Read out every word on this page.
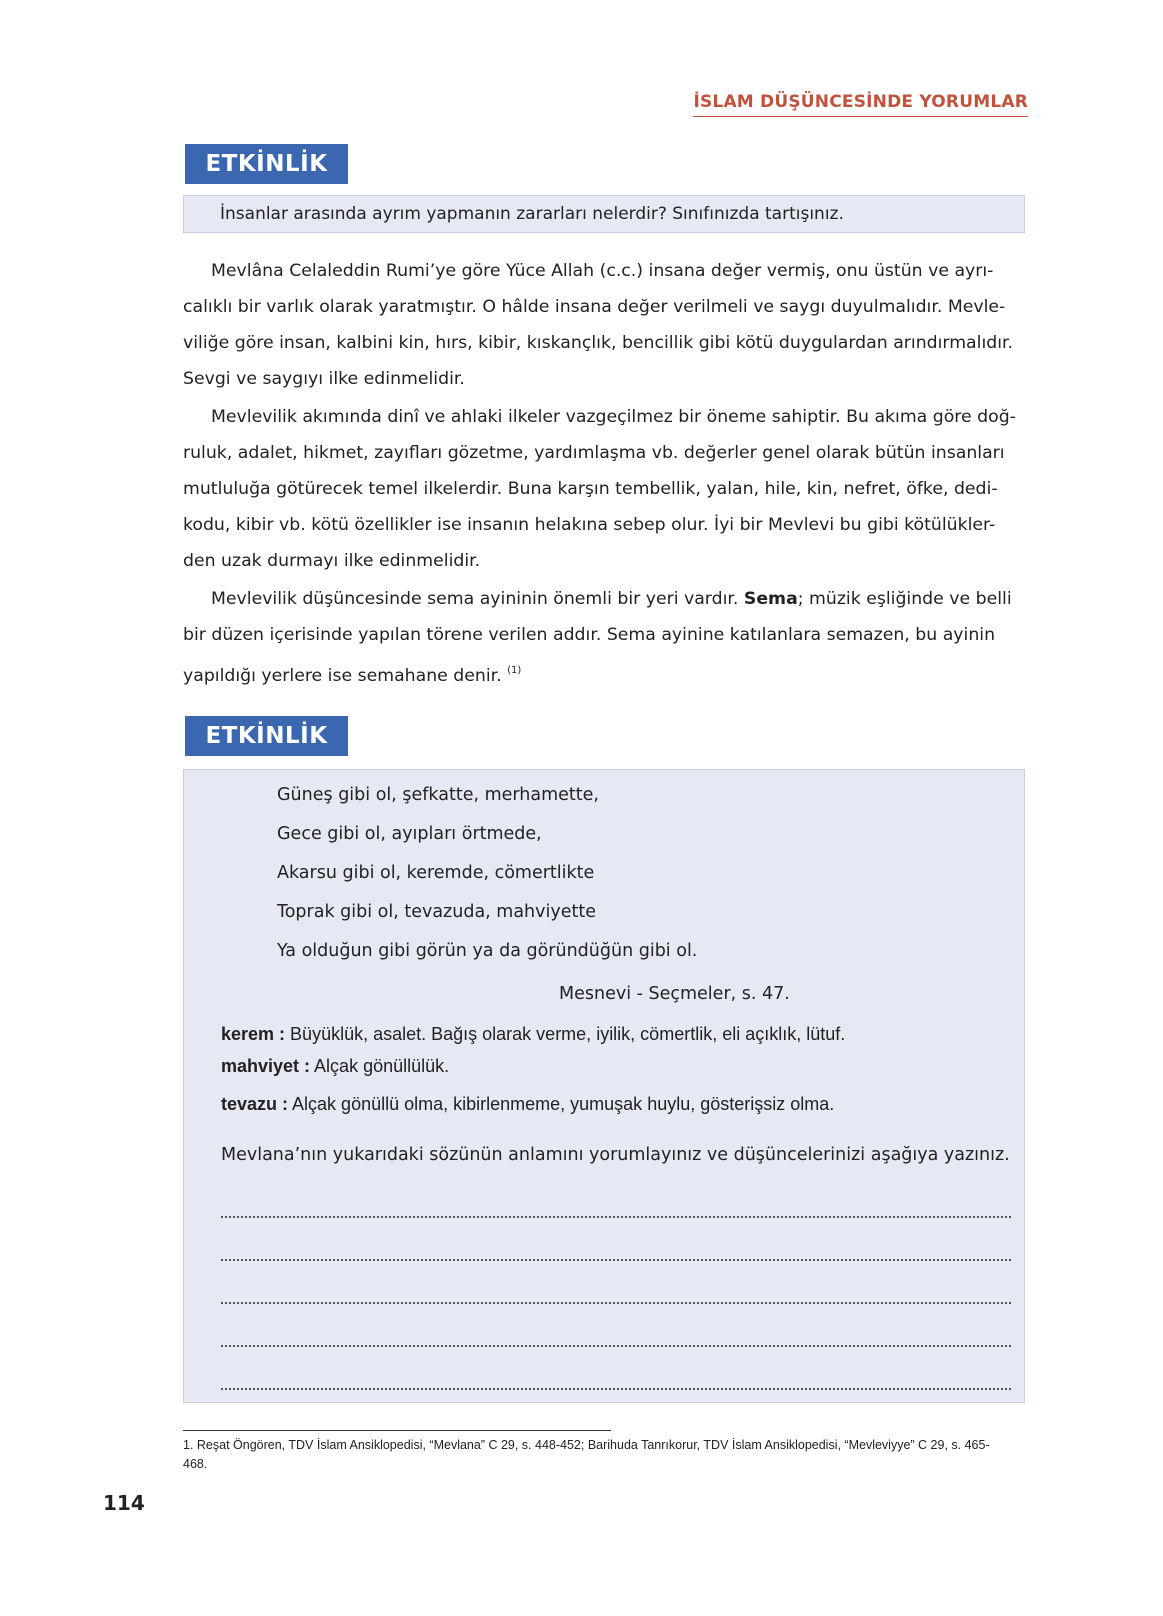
İSLAM DÜŞÜNCESİNDE YORUMLAR
ETKİNLİK
İnsanlar arasında ayrım yapmanın zararları nelerdir? Sınıfınızda tartışınız.

Mevlâna Celaleddin Rumi’ye göre Yüce Allah (c.c.) insana değer vermiş, onu üstün ve ayrı-
calıklı bir varlık olarak yaratmıştır. O hâlde insana değer verilmeli ve saygı duyulmalıdır. Mevle-
viliğe göre insan, kalbini kin, hırs, kibir, kıskançlık, bencillik gibi kötü duygulardan arındırmalıdır.
Sevgi ve saygıyı ilke edinmelidir.

Mevlevilik akımında dinî ve ahlaki ilkeler vazgeçilmez bir öneme sahiptir. Bu akıma göre doğ-
ruluk, adalet, hikmet, zayıfları gözetme, yardımlaşma vb. değerler genel olarak bütün insanları
mutluluğa götürecek temel ilkelerdir. Buna karşın tembellik, yalan, hile, kin, nefret, öfke, dedi-
kodu, kibir vb. kötü özellikler ise insanın helakına sebep olur. İyi bir Mevlevi bu gibi kötülükler-
den uzak durmayı ilke edinmelidir.

Mevlevilik düşüncesinde sema ayininin önemli bir yeri vardır. Sema; müzik eşliğinde ve belli
bir düzen içerisinde yapılan törene verilen addır. Sema ayinine katılanlara semazen, bu ayinin
yapıldığı yerlere ise semahane denir. $^{(1)}$

ETKİNLİK
Güneş gibi ol, şefkatte, merhamette,
Gece gibi ol, ayıpları örtmede,
Akarsu gibi ol, keremde, cömertlikte
Toprak gibi ol, tevazuda, mahviyette
Ya olduğun gibi görün ya da göründüğün gibi ol.
Mesnevi - Seçmeler, s. 47.
kerem : Büyüklük, asalet. Bağış olarak verme, iyilik, cömertlik, eli açıklık, lütuf.
mahviyet : Alçak gönüllülük.
tevazu : Alçak gönüllü olma, kibirlenmeme, yumuşak huylu, gösterişsiz olma.
Mevlana’nın yukarıdaki sözünün anlamını yorumlayınız ve düşüncelerinizi aşağıya yazınız.
1. Reşat Öngören, TDV İslam Ansiklopedisi, “Mevlana” C 29, s. 448-452; Barihuda Tanrıkorur, TDV İslam Ansiklopedisi, “Mevleviyye” C 29, s. 465-468.
114
